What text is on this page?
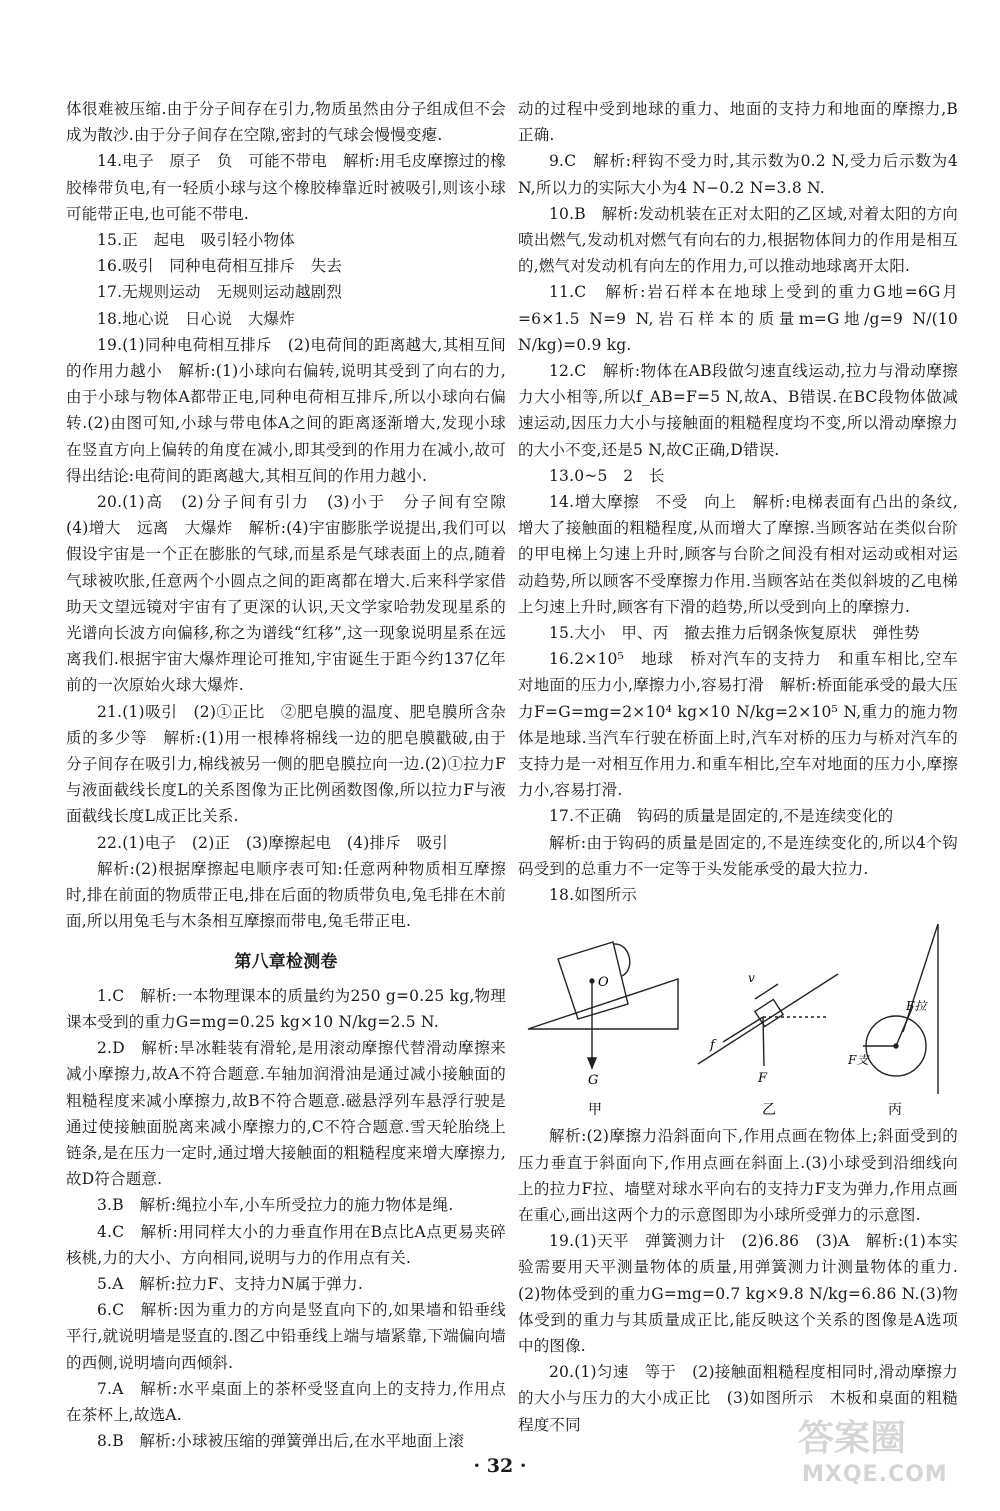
体很难被压缩.由于分子间存在引力,物质虽然由分子组成但不会成为散沙.由于分子间存在空隙,密封的气球会慢慢变瘪.

14.电子　原子　负　可能不带电　解析:用毛皮摩擦过的橡胶棒带负电,有一轻质小球与这个橡胶棒靠近时被吸引,则该小球可能带正电,也可能不带电.

15.正　起电　吸引轻小物体

16.吸引　同种电荷相互排斥　失去

17.无规则运动　无规则运动越剧烈

18.地心说　日心说　大爆炸

19.(1)同种电荷相互排斥　(2)电荷间的距离越大,其相互间的作用力越小　解析:(1)小球向右偏转,说明其受到了向右的力,由于小球与物体A都带正电,同种电荷相互排斥,所以小球向右偏转.(2)由图可知,小球与带电体A之间的距离逐渐增大,发现小球在竖直方向上偏转的角度在减小,即其受到的作用力在减小,故可得出结论:电荷间的距离越大,其相互间的作用力越小.

20.(1)高　(2)分子间有引力　(3)小于　分子间有空隙　(4)增大　远离　大爆炸　解析:(4)宇宙膨胀学说提出,我们可以假设宇宙是一个正在膨胀的气球,而星系是气球表面上的点,随着气球被吹胀,任意两个小圆点之间的距离都在增大.后来科学家借助天文望远镜对宇宙有了更深的认识,天文学家哈勃发现星系的光谱向长波方向偏移,称之为谱线“红移”,这一现象说明星系在远离我们.根据宇宙大爆炸理论可推知,宇宙诞生于距今约137亿年前的一次原始火球大爆炸.

21.(1)吸引　(2)①正比　②肥皂膜的温度、肥皂膜所含杂质的多少等　解析:(1)用一根棒将棉线一边的肥皂膜戳破,由于分子间存在吸引力,棉线被另一侧的肥皂膜拉向一边.(2)①拉力F与液面截线长度L的关系图像为正比例函数图像,所以拉力F与液面截线长度L成正比关系.

22.(1)电子　(2)正　(3)摩擦起电　(4)排斥　吸引

解析:(2)根据摩擦起电顺序表可知:任意两种物质相互摩擦时,排在前面的物质带正电,排在后面的物质带负电,兔毛排在木前面,所以用兔毛与木条相互摩擦而带电,兔毛带正电.

第八章检测卷

1.C　解析:一本物理课本的质量约为250 g=0.25 kg,物理课本受到的重力G=mg=0.25 kg×10 N/kg=2.5 N.

2.D　解析:旱冰鞋装有滑轮,是用滚动摩擦代替滑动摩擦来减小摩擦力,故A不符合题意.车轴加润滑油是通过减小接触面的粗糙程度来减小摩擦力,故B不符合题意.磁悬浮列车悬浮行驶是通过使接触面脱离来减小摩擦力的,C不符合题意.雪天轮胎绕上链条,是在压力一定时,通过增大接触面的粗糙程度来增大摩擦力,故D符合题意.

3.B　解析:绳拉小车,小车所受拉力的施力物体是绳.

4.C　解析:用同样大小的力垂直作用在B点比A点更易夹碎核桃,力的大小、方向相同,说明与力的作用点有关.

5.A　解析:拉力F、支持力N属于弹力.

6.C　解析:因为重力的方向是竖直向下的,如果墙和铅垂线平行,就说明墙是竖直的.图乙中铅垂线上端与墙紧靠,下端偏向墙的西侧,说明墙向西倾斜.

7.A　解析:水平桌面上的茶杯受竖直向上的支持力,作用点在茶杯上,故选A.

8.B　解析:小球被压缩的弹簧弹出后,在水平地面上滚

动的过程中受到地球的重力、地面的支持力和地面的摩擦力,B正确.

9.C　解析:秤钩不受力时,其示数为0.2 N,受力后示数为4 N,所以力的实际大小为4 N−0.2 N=3.8 N.

10.B　解析:发动机装在正对太阳的乙区域,对着太阳的方向喷出燃气,发动机对燃气有向右的力,根据物体间力的作用是相互的,燃气对发动机有向左的作用力,可以推动地球离开太阳.

11.C　解析:岩石样本在地球上受到的重力G地=6G月=6×1.5 N=9 N,岩石样本的质量m=G地/g=9 N/(10 N/kg)=0.9 kg.

12.C　解析:物体在AB段做匀速直线运动,拉力与滑动摩擦力大小相等,所以f_AB=F=5 N,故A、B错误.在BC段物体做减速运动,因压力大小与接触面的粗糙程度均不变,所以滑动摩擦力的大小不变,还是5 N,故C正确,D错误.

13.0~5　2　长

14.增大摩擦　不受　向上　解析:电梯表面有凸出的条纹,增大了接触面的粗糙程度,从而增大了摩擦.当顾客站在类似台阶的甲电梯上匀速上升时,顾客与台阶之间没有相对运动或相对运动趋势,所以顾客不受摩擦力作用.当顾客站在类似斜坡的乙电梯上匀速上升时,顾客有下滑的趋势,所以受到向上的摩擦力.

15.大小　甲、丙　撤去推力后钢条恢复原状　弹性势

16.2×10⁵　地球　桥对汽车的支持力　和重车相比,空车对地面的压力小,摩擦力小,容易打滑　解析:桥面能承受的最大压力F=G=mg=2×10⁴ kg×10 N/kg=2×10⁵ N,重力的施力物体是地球.当汽车行驶在桥面上时,汽车对桥的压力与桥对汽车的支持力是一对相互作用力.和重车相比,空车对地面的压力小,摩擦力小,容易打滑.

17.不正确　钩码的质量是固定的,不是连续变化的

解析:由于钩码的质量是固定的,不是连续变化的,所以4个钩码受到的总重力不一定等于头发能承受的最大拉力.

18.如图所示

O
G
甲
v
f
F
乙
F拉
F支
丙

解析:(2)摩擦力沿斜面向下,作用点画在物体上;斜面受到的压力垂直于斜面向下,作用点画在斜面上.(3)小球受到沿细线向上的拉力F拉、墙壁对球水平向右的支持力F支为弹力,作用点画在重心,画出这两个力的示意图即为小球所受弹力的示意图.

19.(1)天平　弹簧测力计　(2)6.86　(3)A　解析:(1)本实验需要用天平测量物体的质量,用弹簧测力计测量物体的重力.(2)物体受到的重力G=mg=0.7 kg×9.8 N/kg=6.86 N.(3)物体受到的重力与其质量成正比,能反映这个关系的图像是A选项中的图像.

20.(1)匀速　等于　(2)接触面粗糙程度相同时,滑动摩擦力的大小与压力的大小成正比　(3)如图所示　木板和桌面的粗糙程度不同

· 32 ·
答案圈
MXQE.COM
